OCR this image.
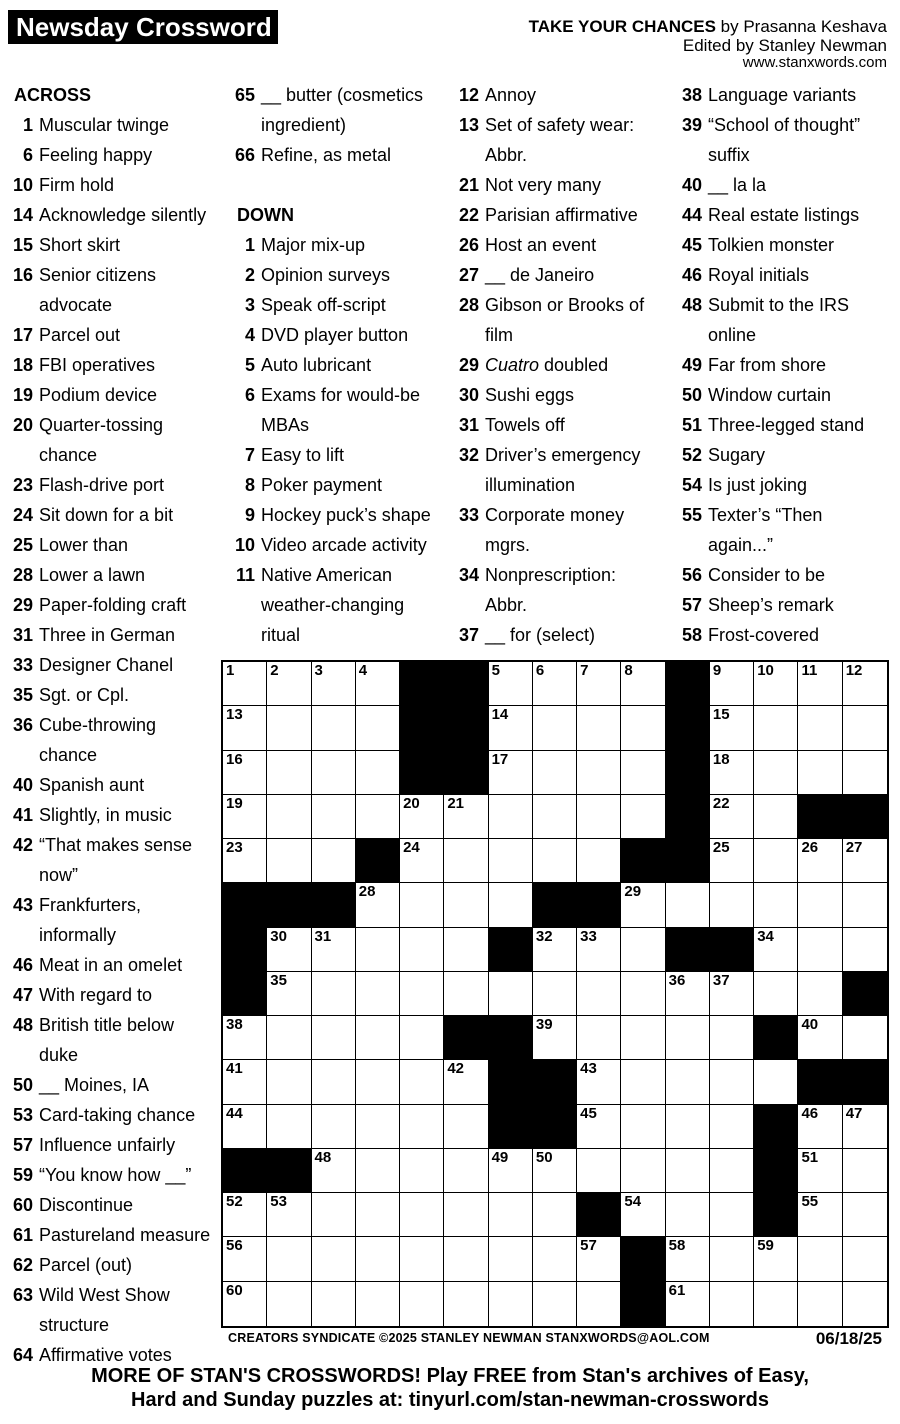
Newsday Crossword	TAKE YOUR CHANCES by Prasanna Keshava
Edited by Stanley Newman
www.stanxwords.com
ACROSS
1 Muscular twinge
6 Feeling happy
10 Firm hold
14 Acknowledge silently
15 Short skirt
16 Senior citizens
advocate
17 Parcel out
18 FBI operatives
19 Podium device
20 Quarter-tossing
chance
23 Flash-drive port
24 Sit down for a bit
25 Lower than
28 Lower a lawn
29 Paper-folding craft
31 Three in German
33 Designer Chanel
35 Sgt. or Cpl.
36 Cube-throwing
chance
40 Spanish aunt
41 Slightly, in music
42 “That makes sense
now”
43 Frankfurters,
informally
46 Meat in an omelet
47 With regard to
48 British title below
duke
50 __ Moines, IA
53 Card-taking chance
57 Influence unfairly
59 “You know how __”
60 Discontinue
61 Pastureland measure
62 Parcel (out)
63 Wild West Show
structure
64 Affirmative votes
65 __ butter (cosmetics
ingredient)
66 Refine, as metal
DOWN
1 Major mix-up
2 Opinion surveys
3 Speak off-script
4 DVD player button
5 Auto lubricant
6 Exams for would-be
MBAs
7 Easy to lift
8 Poker payment
9 Hockey puck’s shape
10 Video arcade activity
11 Native American
weather-changing
ritual
12 Annoy
13 Set of safety wear:
Abbr.
21 Not very many
22 Parisian affirmative
26 Host an event
27 __ de Janeiro
28 Gibson or Brooks of
film
29 Cuatro doubled
30 Sushi eggs
31 Towels off
32 Driver’s emergency
illumination
33 Corporate money
mgrs.
34 Nonprescription:
Abbr.
37 __ for (select)
38 Language variants
39 “School of thought”
suffix
40 __ la la
44 Real estate listings
45 Tolkien monster
46 Royal initials
48 Submit to the IRS
online
49 Far from shore
50 Window curtain
51 Three-legged stand
52 Sugary
54 Is just joking
55 Texter’s “Then
again...”
56 Consider to be
57 Sheep’s remark
58 Frost-covered
1 2 3 4	5 6 7 8	9 10 11 12
13	14	15
16	17	18
19	20 21	22
23	24	25	26 27
28	29
30 31	32 33	34
35	36 37
38	39	40
41	42	43
44	45	46 47
48	49 50	51
52 53	54	55
56	57	58	59
60	61
CREATORS SYNDICATE ©2025 STANLEY NEWMAN STANXWORDS@AOL.COM	06/18/25
MORE OF STAN'S CROSSWORDS! Play FREE from Stan's archives of Easy,
Hard and Sunday puzzles at: tinyurl.com/stan-newman-crosswords
